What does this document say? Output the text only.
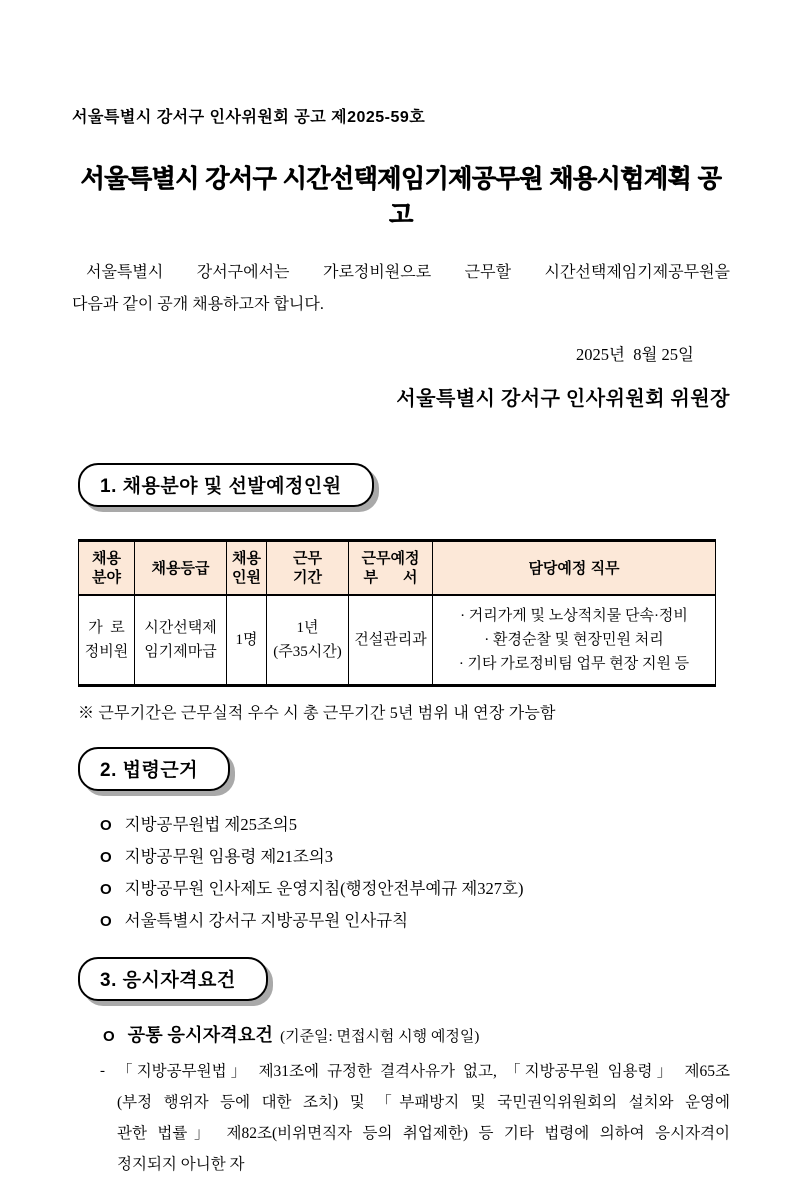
서울특별시 강서구 인사위원회 공고 제2025-59호
서울특별시 강서구 시간선택제임기제공무원 채용시험계획 공고
서울특별시 강서구에서는 가로정비원으로 근무할 시간선택제임기제공무원을
다음과 같이 공개 채용하고자 합니다.
2025년  8월 25일
서울특별시 강서구 인사위원회 위원장
1. 채용분야 및 선발예정인원
채용
분야

채용등급

채용
인원

근무
기간

근무예정
부      서

담당예정 직무

가  로
정비원

시간선택제
임기제마급
	1명	
1년
(주35시간)
	건설관리과	
· 거리가게 및 노상적치물 단속·정비
· 환경순찰 및 현장민원 처리
· 기타 가로정비팀 업무 현장 지원 등
※ 근무기간은 근무실적 우수 시 총 근무기간 5년 범위 내 연장 가능함
2. 법령근거
O 지방공무원법 제25조의5
O 지방공무원 임용령 제21조의3
O 지방공무원 인사제도 운영지침(행정안전부예규 제327호)
O 서울특별시 강서구 지방공무원 인사규칙
3. 응시자격요건
O 공통 응시자격요건 (기준일: 면접시험 시행 예정일)
- 「지방공무원법」 제31조에 규정한 결격사유가 없고, 「지방공무원 임용령」 제65조
(부정 행위자 등에 대한 조치) 및 「부패방지 및 국민권익위원회의 설치와 운영에
관한 법률」 제82조(비위면직자 등의 취업제한) 등 기타 법령에 의하여 응시자격이
정지되지 아니한 자
